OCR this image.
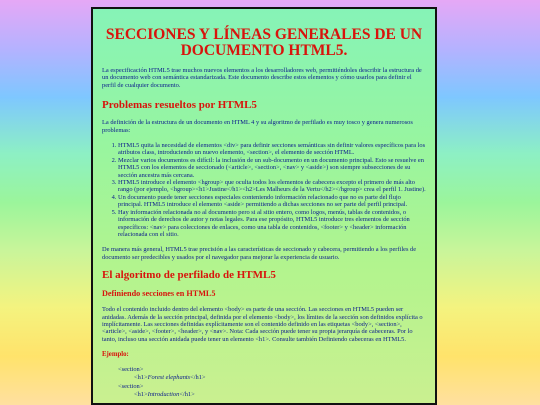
SECCIONES Y LÍNEAS GENERALES DE UN DOCUMENTO HTML5.

La especificación HTML5 trae muchos nuevos elementos a los desarrolladores web, permitiéndoles describir la estructura de un documento web con semántica estandarizada. Este documento describe estos elementos y cómo usarlos para definir el perfil de cualquier documento.

Problemas resueltos por HTML5

La definición de la estructura de un documento en HTML 4 y su algoritmo de perfilado es muy tosco y genera numerosos problemas:

1. HTML5 quita la necesidad de elementos <div> para definir secciones semánticas sin definir valores específicos para los atributos class, introduciendo un nuevo elemento, <section>, el elemento de sección HTML.
2. Mezclar varios documentos es difícil: la inclusión de un sub-documento en un documento principal. Esto se resuelve en HTML5 con los elementos de seccionado (<article>, <section>, <nav> y <aside>) son siempre subsecciones de su sección ancestra más cercana.
3. HTML5 introduce el elemento <hgroup> que oculta todos los elementos de cabecera excepto el primero de más alto rango (por ejemplo, <hgroup><h1>Justine</h1><h2>Les Malheurs de la Vertu</h2></hgroup> crea el perfil 1. Justine).
4. Un documento puede tener secciones especiales conteniendo información relacionado que no es parte del flujo principal. HTML5 introduce el elemento <aside> permitiendo a dichas secciones no ser parte del perfil principal.
5. Hay información relacionada no al documento pero si al sitio entero, como logos, menús, tablas de contenidos, o información de derechos de autor y notas legales. Para ese propósito, HTML5 introduce tres elementos de sección específicos: <nav> para colecciones de enlaces, como una tabla de contenidos, <footer> y <header> información relacionada con el sitio.

De manera más general, HTML5 trae precisión a las características de seccionado y cabecera, permitiendo a los perfiles de documento ser predecibles y usados por el navegador para mejorar la experiencia de usuario.

El algoritmo de perfilado de HTML5
Definiendo secciones en HTML5

Todo el contenido incluido dentro del elemento <body> es parte de una sección. Las secciones en HTML5 pueden ser anidadas. Además de la sección principal, definida por el elemento <body>, los límites de la sección son definidos explícita o implícitamente. Las secciones definidas explícitamente son el contenido definido en las etiquetas <body>, <section>, <article>, <aside>, <footer>, <header>, y <nav>. Nota: Cada sección puede tener su propia jerarquía de cabeceras. Por lo tanto, incluso una sección anidada puede tener un elemento <h1>. Consulte también Definiendo cabeceras en HTML5.

Ejemplo:
<section>
<h1>Forest elephants</h1>
<section>
<h1>Introduction</h1>
